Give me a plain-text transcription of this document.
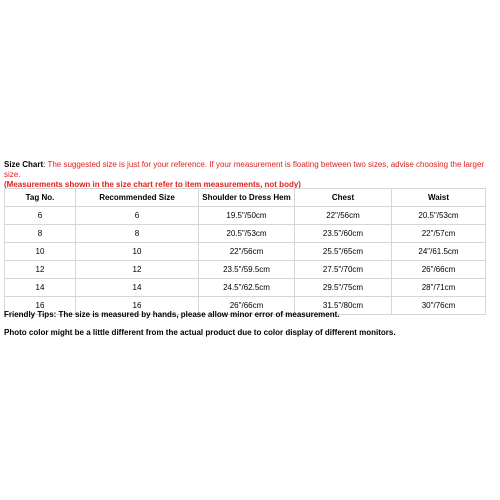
Size Chart: The suggested size is just for your reference. If your measurement is floating between two sizes, advise choosing the larger size.
(Measurements shown in the size chart refer to item measurements, not body)
Tag No.	Recommended Size	Shoulder to Dress Hem	Chest	Waist
6	6	19.5"/50cm	22"/56cm	20.5"/53cm
8	8	20.5"/53cm	23.5"/60cm	22"/57cm
10	10	22"/56cm	25.5"/65cm	24"/61.5cm
12	12	23.5"/59.5cm	27.5"/70cm	26"/66cm
14	14	24.5"/62.5cm	29.5"/75cm	28"/71cm
16	16	26"/66cm	31.5"/80cm	30"/76cm
Friendly Tips: The size is measured by hands, please allow minor error of measurement.
Photo color might be a little different from the actual product due to color display of different monitors.
